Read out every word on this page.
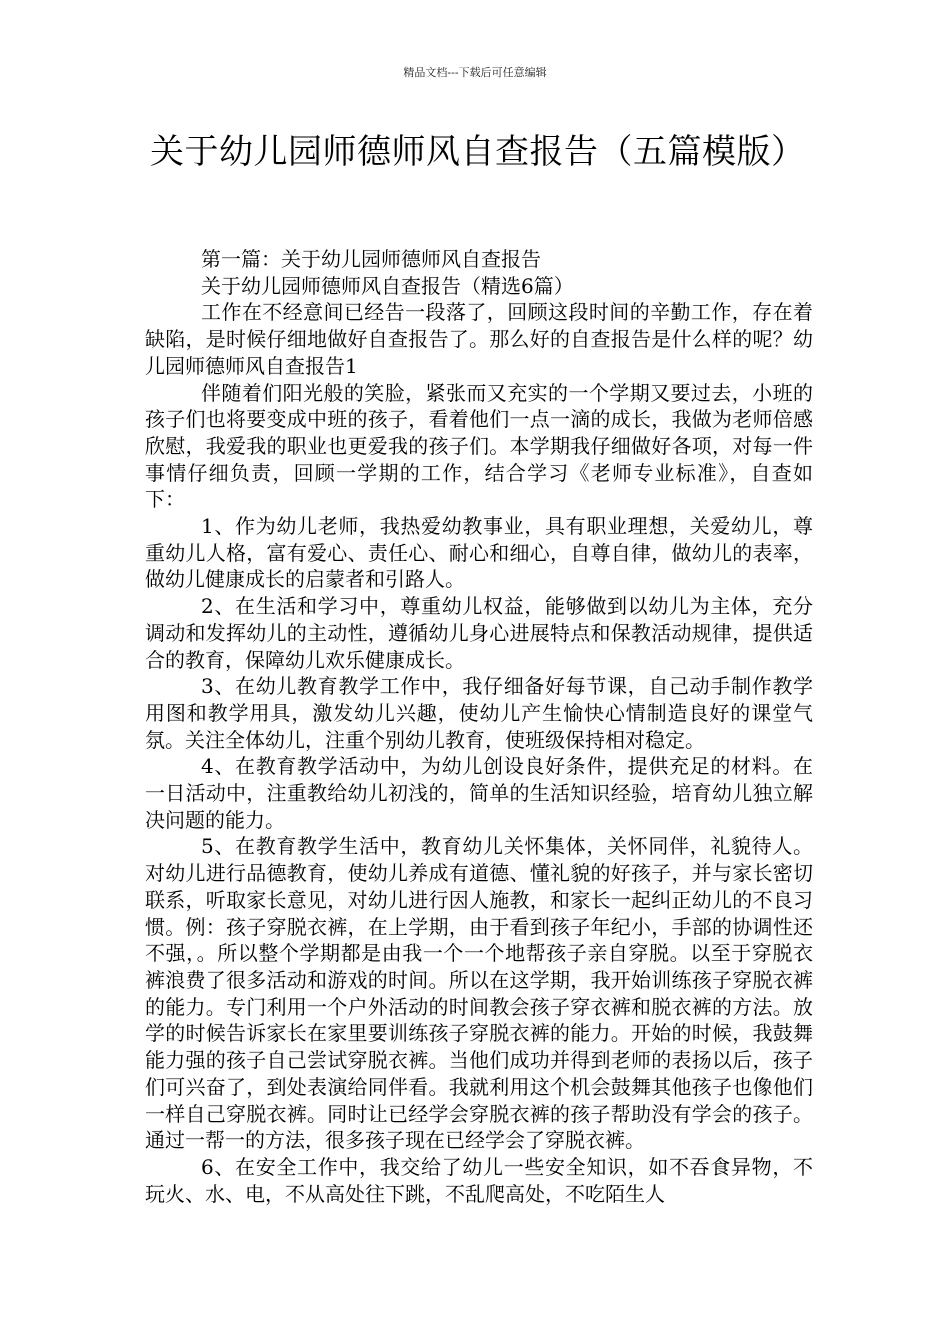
精品文档---下载后可任意编辑
关于幼儿园师德师风自查报告（五篇模版）

第一篇：关于幼儿园师德师风自查报告

关于幼儿园师德师风自查报告（精选6篇）

工作在不经意间已经告一段落了，回顾这段时间的辛勤工作，存在着缺陷，是时候仔细地做好自查报告了。那么好的自查报告是什么样的呢？幼儿园师德师风自查报告1

伴随着们阳光般的笑脸，紧张而又充实的一个学期又要过去，小班的孩子们也将要变成中班的孩子，看着他们一点一滴的成长，我做为老师倍感欣慰，我爱我的职业也更爱我的孩子们。本学期我仔细做好各项，对每一件事情仔细负责，回顾一学期的工作，结合学习《老师专业标准》，自查如下：

1、作为幼儿老师，我热爱幼教事业，具有职业理想，关爱幼儿，尊重幼儿人格，富有爱心、责任心、耐心和细心，自尊自律，做幼儿的表率，做幼儿健康成长的启蒙者和引路人。

2、在生活和学习中，尊重幼儿权益，能够做到以幼儿为主体，充分调动和发挥幼儿的主动性，遵循幼儿身心进展特点和保教活动规律，提供适合的教育，保障幼儿欢乐健康成长。

3、在幼儿教育教学工作中，我仔细备好每节课，自己动手制作教学用图和教学用具，激发幼儿兴趣，使幼儿产生愉快心情制造良好的课堂气氛。关注全体幼儿，注重个别幼儿教育，使班级保持相对稳定。

4、在教育教学活动中，为幼儿创设良好条件，提供充足的材料。在一日活动中，注重教给幼儿初浅的，简单的生活知识经验，培育幼儿独立解决问题的能力。

5、在教育教学生活中，教育幼儿关怀集体，关怀同伴，礼貌待人。对幼儿进行品德教育，使幼儿养成有道德、懂礼貌的好孩子，并与家长密切联系，听取家长意见，对幼儿进行因人施教，和家长一起纠正幼儿的不良习惯。例：孩子穿脱衣裤，在上学期，由于看到孩子年纪小，手部的协调性还不强，。所以整个学期都是由我一个一个地帮孩子亲自穿脱。以至于穿脱衣裤浪费了很多活动和游戏的时间。所以在这学期，我开始训练孩子穿脱衣裤的能力。专门利用一个户外活动的时间教会孩子穿衣裤和脱衣裤的方法。放学的时候告诉家长在家里要训练孩子穿脱衣裤的能力。开始的时候，我鼓舞能力强的孩子自己尝试穿脱衣裤。当他们成功并得到老师的表扬以后，孩子们可兴奋了，到处表演给同伴看。我就利用这个机会鼓舞其他孩子也像他们一样自己穿脱衣裤。同时让已经学会穿脱衣裤的孩子帮助没有学会的孩子。通过一帮一的方法，很多孩子现在已经学会了穿脱衣裤。

6、在安全工作中，我交给了幼儿一些安全知识，如不吞食异物，不玩火、水、电，不从高处往下跳，不乱爬高处，不吃陌生人
